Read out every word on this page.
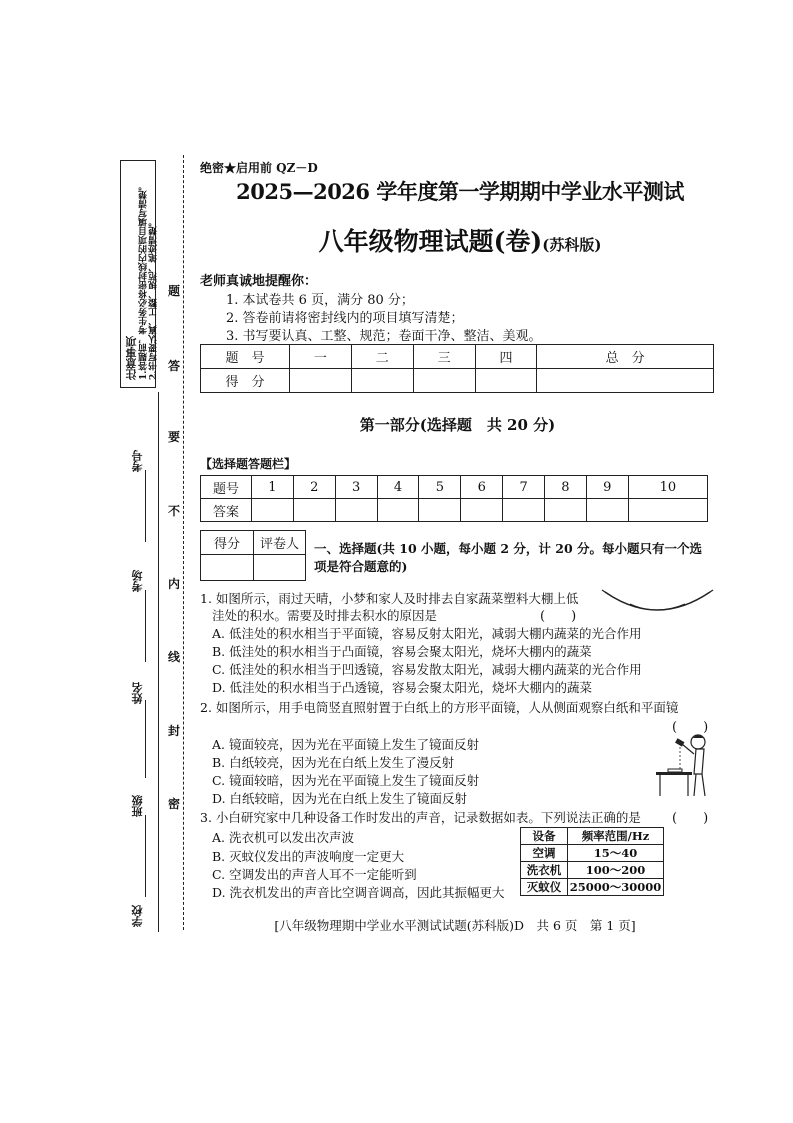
注意事项 1.答题前，考生务必将密封线内的项目填写清楚。 2.书写要认真、工整、规范、笔迹清楚。
考号
考场
姓名
班级
学校
题
答
要
不
内
线
封
密
绝密★启用前 QZ－D
2025—2026 学年度第一学期期中学业水平测试
八年级物理试题(卷)(苏科版)
老师真诚地提醒你：
1. 本试卷共 6 页，满分 80 分；
2. 答卷前请将密封线内的项目填写清楚；
3. 书写要认真、工整、规范；卷面干净、整洁、美观。
题　号	一	二	三	四	总　分
得　分					
第一部分(选择题　共 20 分)
【选择题答题栏】
题号	1	2	3	4	5	6	7	8	9	10
答案										
得分	评卷人
	一、选择题(共 10 小题，每小题 2 分，计 20 分。每小题只有一个选项是符合题意的)
1. 如图所示，雨过天晴，小梦和家人及时排去自家蔬菜塑料大棚上低
洼处的积水。需要及时排去积水的原因是	(　　)
A. 低洼处的积水相当于平面镜，容易反射太阳光，减弱大棚内蔬菜的光合作用
B. 低洼处的积水相当于凸面镜，容易会聚太阳光，烧坏大棚内的蔬菜
C. 低洼处的积水相当于凹透镜，容易发散太阳光，减弱大棚内蔬菜的光合作用
D. 低洼处的积水相当于凸透镜，容易会聚太阳光，烧坏大棚内的蔬菜
2. 如图所示，用手电筒竖直照射置于白纸上的方形平面镜，人从侧面观察白纸和平面镜
(　　)
A. 镜面较亮，因为光在平面镜上发生了镜面反射
B. 白纸较亮，因为光在白纸上发生了漫反射
C. 镜面较暗，因为光在平面镜上发生了镜面反射
D. 白纸较暗，因为光在白纸上发生了镜面反射
3. 小白研究家中几种设备工作时发出的声音，记录数据如表。下列说法正确的是 (　　)
A. 洗衣机可以发出次声波
B. 灭蚊仪发出的声波响度一定更大
C. 空调发出的声音人耳不一定能听到
D. 洗衣机发出的声音比空调音调高，因此其振幅更大
设备	频率范围/Hz
空调	15～40
洗衣机	100～200
灭蚊仪	25000～30000
[八年级物理期中学业水平测试试题(苏科版)D　共 6 页　第 1 页]
